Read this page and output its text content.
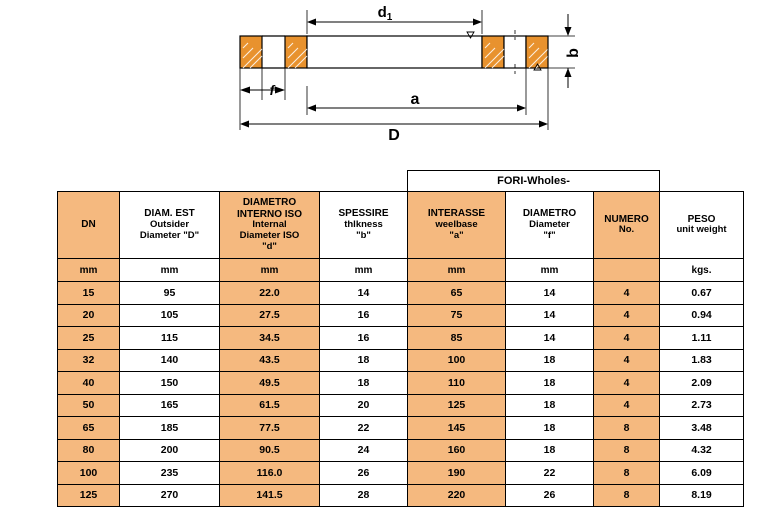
$d_1$
a
D
f
b
				FORI-Wholes-			

DN

DIAM. EST
Outsider
Diameter "D"

DIAMETRO
INTERNO ISO
Internal
Diameter ISO
"d"

SPESSIRE
thlkness
"b"

INTERASSE
weelbase
"a"

DIAMETRO
Diameter
"f"

NUMERO
No.

PESO
unit weight

mm	mm	mm	mm	mm	mm		kgs.
15	95	22.0	14	65	14	4	0.67
20	105	27.5	16	75	14	4	0.94
25	115	34.5	16	85	14	4	1.11
32	140	43.5	18	100	18	4	1.83
40	150	49.5	18	110	18	4	2.09
50	165	61.5	20	125	18	4	2.73
65	185	77.5	22	145	18	8	3.48
80	200	90.5	24	160	18	8	4.32
100	235	116.0	26	190	22	8	6.09
125	270	141.5	28	220	26	8	8.19
